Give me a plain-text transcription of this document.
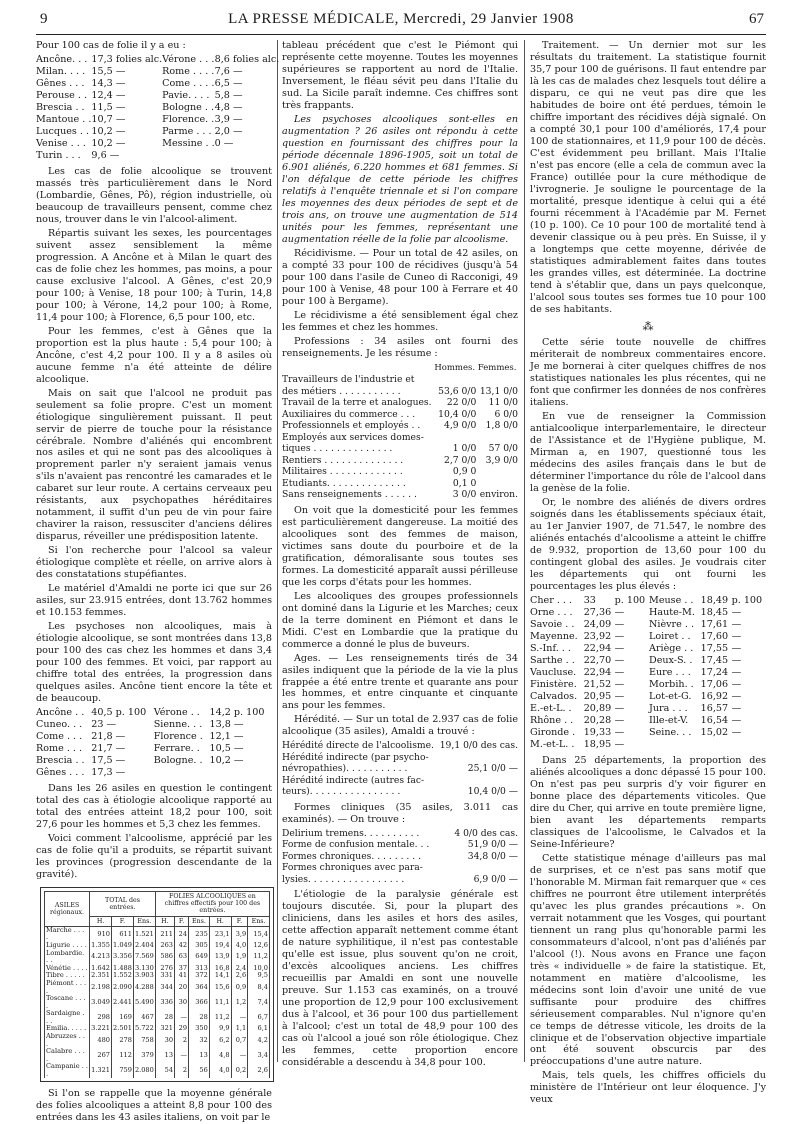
9	LA PRESSE MÉDICALE, Mercredi, 29 Janvier 1908	67

Pour 100 cas de folie il y a eu :

Ancône. . .	17,3 folies alc.	Vérone . . .	8,6 folies alc.
Milan. . . .	15,5 —	Rome . . . .	7,6 —
Gênes . . .	14,3 —	Come . . . .	6,5 —
Perouse . .	12,4 —	Pavie. . . .	5,8 —
Brescia . .	11,5 —	Bologne . .	4,8 —
Mantoue . .	10,7 —	Florence. .	3,9 —
Lucques . .	10,2 —	Parme . . .	2,0 —
Venise . . .	10,2 —	Messine . .	0 —
Turin . . .	9,6 —		

Les cas de folie alcoolique se trouvent massés très particulièrement dans le Nord (Lombardie, Gênes, Pô), région industrielle, où beaucoup de travailleurs pensent, comme chez nous, trouver dans le vin l'alcool-aliment.

Répartis suivant les sexes, les pourcentages suivent assez sensiblement la même progression. A Ancône et à Milan le quart des cas de folie chez les hommes, pas moins, a pour cause exclusive l'alcool. A Gênes, c'est 20,9 pour 100; à Venise, 18 pour 100; à Turin, 14,8 pour 100; à Vérone, 14,2 pour 100; à Rome, 11,4 pour 100; à Florence, 6,5 pour 100, etc.

Pour les femmes, c'est à Gênes que la proportion est la plus haute : 5,4 pour 100; à Ancône, c'est 4,2 pour 100. Il y a 8 asiles où aucune femme n'a été atteinte de délire alcoolique.

Mais on sait que l'alcool ne produit pas seulement sa folie propre. C'est un moment étiologique singulièrement puissant. Il peut servir de pierre de touche pour la résistance cérébrale. Nombre d'aliénés qui encombrent nos asiles et qui ne sont pas des alcooliques à proprement parler n'y seraient jamais venus s'ils n'avaient pas rencontré les camarades et le cabaret sur leur route. A certains cerveaux peu résistants, aux psychopathes héréditaires notamment, il suffit d'un peu de vin pour faire chavirer la raison, ressusciter d'anciens délires disparus, réveiller une prédisposition latente.

Si l'on recherche pour l'alcool sa valeur étiologique complète et réelle, on arrive alors à des constatations stupéfiantes.

Le matériel d'Amaldi ne porte ici que sur 26 asiles, sur 23.915 entrées, dont 13.762 hommes et 10.153 femmes.

Les psychoses non alcooliques, mais à étiologie alcoolique, se sont montrées dans 13,8 pour 100 des cas chez les hommes et dans 3,4 pour 100 des femmes. Et voici, par rapport au chiffre total des entrées, la progression dans quelques asiles. Ancône tient encore la tête et de beaucoup.

Ancône . .	40,5 p. 100	Vérone . .	14,2 p. 100
Cuneo. . .	23 —	Sienne. . .	13,8 —
Come . . .	21,8 —	Florence .	12,1 —
Rome . . .	21,7 —	Ferrare. .	10,5 —
Brescia . .	17,5 —	Bologne. .	10,2 —
Gênes . . .	17,3 —		

Dans les 26 asiles en question le contingent total des cas à étiologie alcoolique rapporté au total des entrées atteint 18,2 pour 100, soit 27,6 pour les hommes et 5,3 chez les femmes.

Voici comment l'alcoolisme, apprécié par les cas de folie qu'il a produits, se répartit suivant les provinces (progression descendante de la gravité).

ASILES régionaux.	TOTAL des entrées.			FOLIES ALCOOLIQUES en chiffres effectifs pour 100 des entrées.					
	H.	F.	Ens.	H.	F.	Ens.	H.	F.	Ens.
Marche . . . .	910	611	1.521	211	24	235	23,1	3,9	15,4
Ligurie . . . .	1.355	1.049	2.404	263	42	305	19,4	4,0	12,6
Lombardie. . .	4.213	3.356	7.569	586	63	649	13,9	1,9	11,2
Vénétie . . . .	1.642	1.488	3.130	276	37	313	16,8	2,4	10,0
Tibre . . . . .	2.351	1.552	3.903	331	41	372	14,1	2,6	9,5
Piémont . . . .	2.198	2.090	4.288	344	20	364	15,6	0,9	8,4
Toscane . . . .	3.049	2.441	5.490	336	30	366	11,1	1,2	7,4
Sardaigne . . .	298	169	467	28	—	28	11,2	—	6,7
Emilia. . . . .	3.221	2.501	5.722	321	29	350	9,9	1,1	6,1
Abruzzes . . .	480	278	758	30	2	32	6,2	0,7	4,2
Calabre . . . .	267	112	379	13	—	13	4,8	—	3,4
Campanie . . .	1.321	759	2.080	54	2	56	4,0	0,2	2,6

Si l'on se rappelle que la moyenne générale des folies alcooliques a atteint 8,8 pour 100 des entrées dans les 43 asiles italiens, on voit par le

tableau précédent que c'est le Piémont qui représente cette moyenne. Toutes les moyennes supérieures se rapportent au nord de l'Italie. Inversement, le fléau sévit peu dans l'Italie du sud. La Sicile paraît indemne. Ces chiffres sont très frappants.

Les psychoses alcooliques sont-elles en augmentation ? 26 asiles ont répondu à cette question en fournissant des chiffres pour la période décennale 1896-1905, soit un total de 6.901 aliénés, 6.220 hommes et 681 femmes. Si l'on défalque de cette période les chiffres relatifs à l'enquête triennale et si l'on compare les moyennes des deux périodes de sept et de trois ans, on trouve une augmentation de 514 unités pour les femmes, représentant une augmentation réelle de la folie par alcoolisme.

Récidivisme. — Pour un total de 42 asiles, on a compté 33 pour 100 de récidives (jusqu'à 54 pour 100 dans l'asile de Cuneo di Racconigi, 49 pour 100 à Venise, 48 pour 100 à Ferrare et 40 pour 100 à Bergame).

Le récidivisme a été sensiblement égal chez les femmes et chez les hommes.

Professions : 34 asiles ont fourni des renseignements. Je les résume :

	Hommes.	Femmes.
Travailleurs de l'industrie et		
des métiers . . . . . . . . . . .	53,6 0/0	13,1 0/0
Travail de la terre et analogues.	22 0/0	11 0/0
Auxiliaires du commerce . . .	10,4 0/0	6 0/0
Professionnels et employés . .	4,9 0/0	1,8 0/0
Employés aux services domes-		
tiques . . . . . . . . . . . . . .	1 0/0	57 0/0
Rentiers . . . . . . . . . . . . . .	2,7 0/0	3,9 0/0
Militaires . . . . . . . . . . . . .	0,9 0	
Etudiants. . . . . . . . . . . . . .	0,1 0	
Sans renseignements . . . . . .	3 0/0	environ.

On voit que la domesticité pour les femmes est particulièrement dangereuse. La moitié des alcooliques sont des femmes de maison, victimes sans doute du pourboire et de la gratification, démoralisante sous toutes ses formes. La domesticité apparaît aussi périlleuse que les corps d'états pour les hommes.

Les alcooliques des groupes professionnels ont dominé dans la Ligurie et les Marches; ceux de la terre dominent en Piémont et dans le Midi. C'est en Lombardie que la pratique du commerce a donné le plus de buveurs.

Ages. — Les renseignements tirés de 34 asiles indiquent que la période de la vie la plus frappée a été entre trente et quarante ans pour les hommes, et entre cinquante et cinquante ans pour les femmes.

Hérédité. — Sur un total de 2.937 cas de folie alcoolique (35 asiles), Amaldi a trouvé :

Hérédité directe de l'alcoolisme.	19,1 0/0 des cas.
Hérédité indirecte (par psycho-	
névropathies). . . . . . . . . . .	25,1 0/0 —
Hérédité indirecte (autres fac-	
teurs). . . . . . . . . . . . . . . .	10,4 0/0 —

Formes cliniques (35 asiles, 3.011 cas examinés). — On trouve :

Delirium tremens. . . . . . . . . .	4 0/0 des cas.
Forme de confusion mentale. . .	51,9 0/0 —
Formes chroniques. . . . . . . . .	34,8 0/0 —
Formes chroniques avec para-	
lysies. . . . . . . . . . . . . . . . .	6,9 0/0 —

L'étiologie de la paralysie générale est toujours discutée. Si, pour la plupart des cliniciens, dans les asiles et hors des asiles, cette affection apparaît nettement comme étant de nature syphilitique, il n'est pas contestable qu'elle est issue, plus souvent qu'on ne croit, d'excès alcooliques anciens. Les chiffres recueillis par Amaldi en sont une nouvelle preuve. Sur 1.153 cas examinés, on a trouvé une proportion de 12,9 pour 100 exclusivement dus à l'alcool, et 36 pour 100 dus partiellement à l'alcool; c'est un total de 48,9 pour 100 des cas où l'alcool a joué son rôle étiologique. Chez les femmes, cette proportion encore considérable a descendu à 34,8 pour 100.

Traitement. — Un dernier mot sur les résultats du traitement. La statistique fournit 35,7 pour 100 de guérisons. Il faut entendre par là les cas de malades chez lesquels tout délire a disparu, ce qui ne veut pas dire que les habitudes de boire ont été perdues, témoin le chiffre important des récidives déjà signalé. On a compté 30,1 pour 100 d'améliorés, 17,4 pour 100 de stationnaires, et 11,9 pour 100 de décès. C'est évidemment peu brillant. Mais l'Italie n'est pas encore (elle a cela de commun avec la France) outillée pour la cure méthodique de l'ivrognerie. Je souligne le pourcentage de la mortalité, presque identique à celui qui a été fourni récemment à l'Académie par M. Fernet (10 p. 100). Ce 10 pour 100 de mortalité tend à devenir classique ou à peu près. En Suisse, il y a longtemps que cette moyenne, dérivée de statistiques admirablement faites dans toutes les grandes villes, est déterminée. La doctrine tend à s'établir que, dans un pays quelconque, l'alcool sous toutes ses formes tue 10 pour 100 de ses habitants.

⁂

Cette série toute nouvelle de chiffres mériterait de nombreux commentaires encore. Je me bornerai à citer quelques chiffres de nos statistiques nationales les plus récentes, qui ne font que confirmer les données de nos confrères italiens.

En vue de renseigner la Commission antialcoolique interparlementaire, le directeur de l'Assistance et de l'Hygiène publique, M. Mirman a, en 1907, questionné tous les médecins des asiles français dans le but de déterminer l'importance du rôle de l'alcool dans la genèse de la folie.

Or, le nombre des aliénés de divers ordres soignés dans les établissements spéciaux était, au 1er Janvier 1907, de 71.547, le nombre des aliénés entachés d'alcoolisme a atteint le chiffre de 9.932, proportion de 13,60 pour 100 du contingent global des asiles. Je voudrais citer les départements qui ont fourni les pourcentages les plus élevés :

Cher . . .	33	p. 100	Meuse . .	18,49	p. 100
Orne . . .	27,36	—	Haute-M.	18,45	—
Savoie . .	24,09	—	Nièvre . .	17,61	—
Mayenne.	23,92	—	Loiret . .	17,60	—
S.-Inf. . .	22,94	—	Ariège . .	17,55	—
Sarthe . .	22,70	—	Deux-S. .	17,45	—
Vaucluse.	22,94	—	Eure . . .	17,24	—
Finistère.	21,52	—	Morbih. .	17,06	—
Calvados.	20,95	—	Lot-et-G.	16,92	—
E.-et-L. .	20,89	—	Jura . . .	16,57	—
Rhône . .	20,28	—	Ille-et-V.	16,54	—
Gironde .	19,33	—	Seine. . .	15,02	—
M.-et-L. .	18,95	—			

Dans 25 départements, la proportion des aliénés alcooliques a donc dépassé 15 pour 100. On n'est pas peu surpris d'y voir figurer en bonne place des départements viticoles. Que dire du Cher, qui arrive en toute première ligne, bien avant les départements remparts classiques de l'alcoolisme, le Calvados et la Seine-Inférieure?

Cette statistique ménage d'ailleurs pas mal de surprises, et ce n'est pas sans motif que l'honorable M. Mirman fait remarquer que « ces chiffres ne pourront être utilement interprétés qu'avec les plus grandes précautions ». On verrait notamment que les Vosges, qui pourtant tiennent un rang plus qu'honorable parmi les consommateurs d'alcool, n'ont pas d'aliénés par l'alcool (!). Nous avons en France une façon très « individuelle » de faire la statistique. Et, notamment en matière d'alcoolisme, les médecins sont loin d'avoir une unité de vue suffisante pour produire des chiffres sérieusement comparables. Nul n'ignore qu'en ce temps de détresse viticole, les droits de la clinique et de l'observation objective impartiale ont été souvent obscurcis par des préoccupations d'une autre nature.

Mais, tels quels, les chiffres officiels du ministère de l'Intérieur ont leur éloquence. J'y veux
